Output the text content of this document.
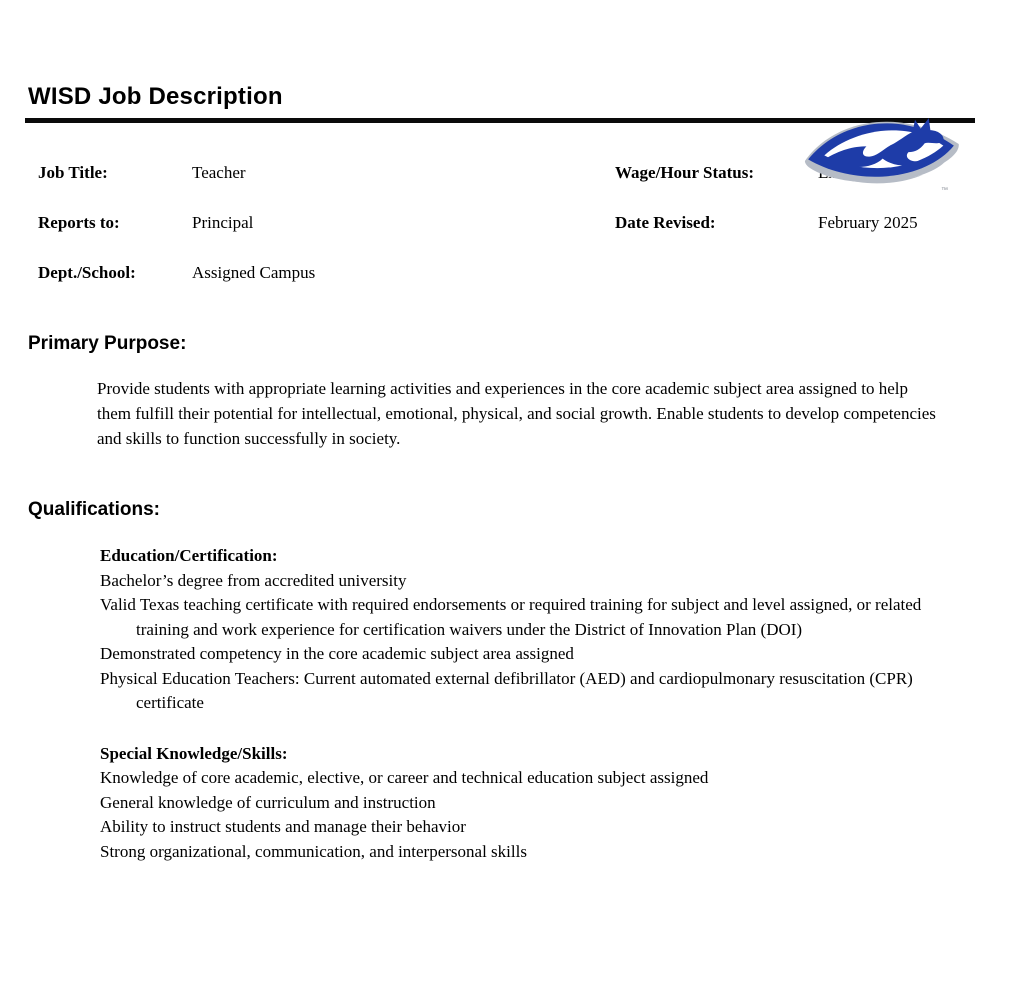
WISD Job Description
™
Job Title:	Teacher	Wage/Hour Status:
Reports to:	Principal	Date Revised:	February 2025
Dept./School:	Assigned Campus
Primary Purpose:

Provide students with appropriate learning activities and experiences in the core academic subject area assigned to help them fulfill their potential for intellectual, emotional, physical, and social growth. Enable students to develop competencies and skills to function successfully in society.

Qualifications:
Education/Certification:
Bachelor’s degree from accredited university
Valid Texas teaching certificate with required endorsements or required training for subject and level assigned, or related training and work experience for certification waivers under the District of Innovation Plan (DOI)
Demonstrated competency in the core academic subject area assigned
Physical Education Teachers: Current automated external defibrillator (AED) and cardiopulmonary resuscitation (CPR) certificate
Special Knowledge/Skills:
Knowledge of core academic, elective, or career and technical education subject assigned
General knowledge of curriculum and instruction
Ability to instruct students and manage their behavior
Strong organizational, communication, and interpersonal skills
